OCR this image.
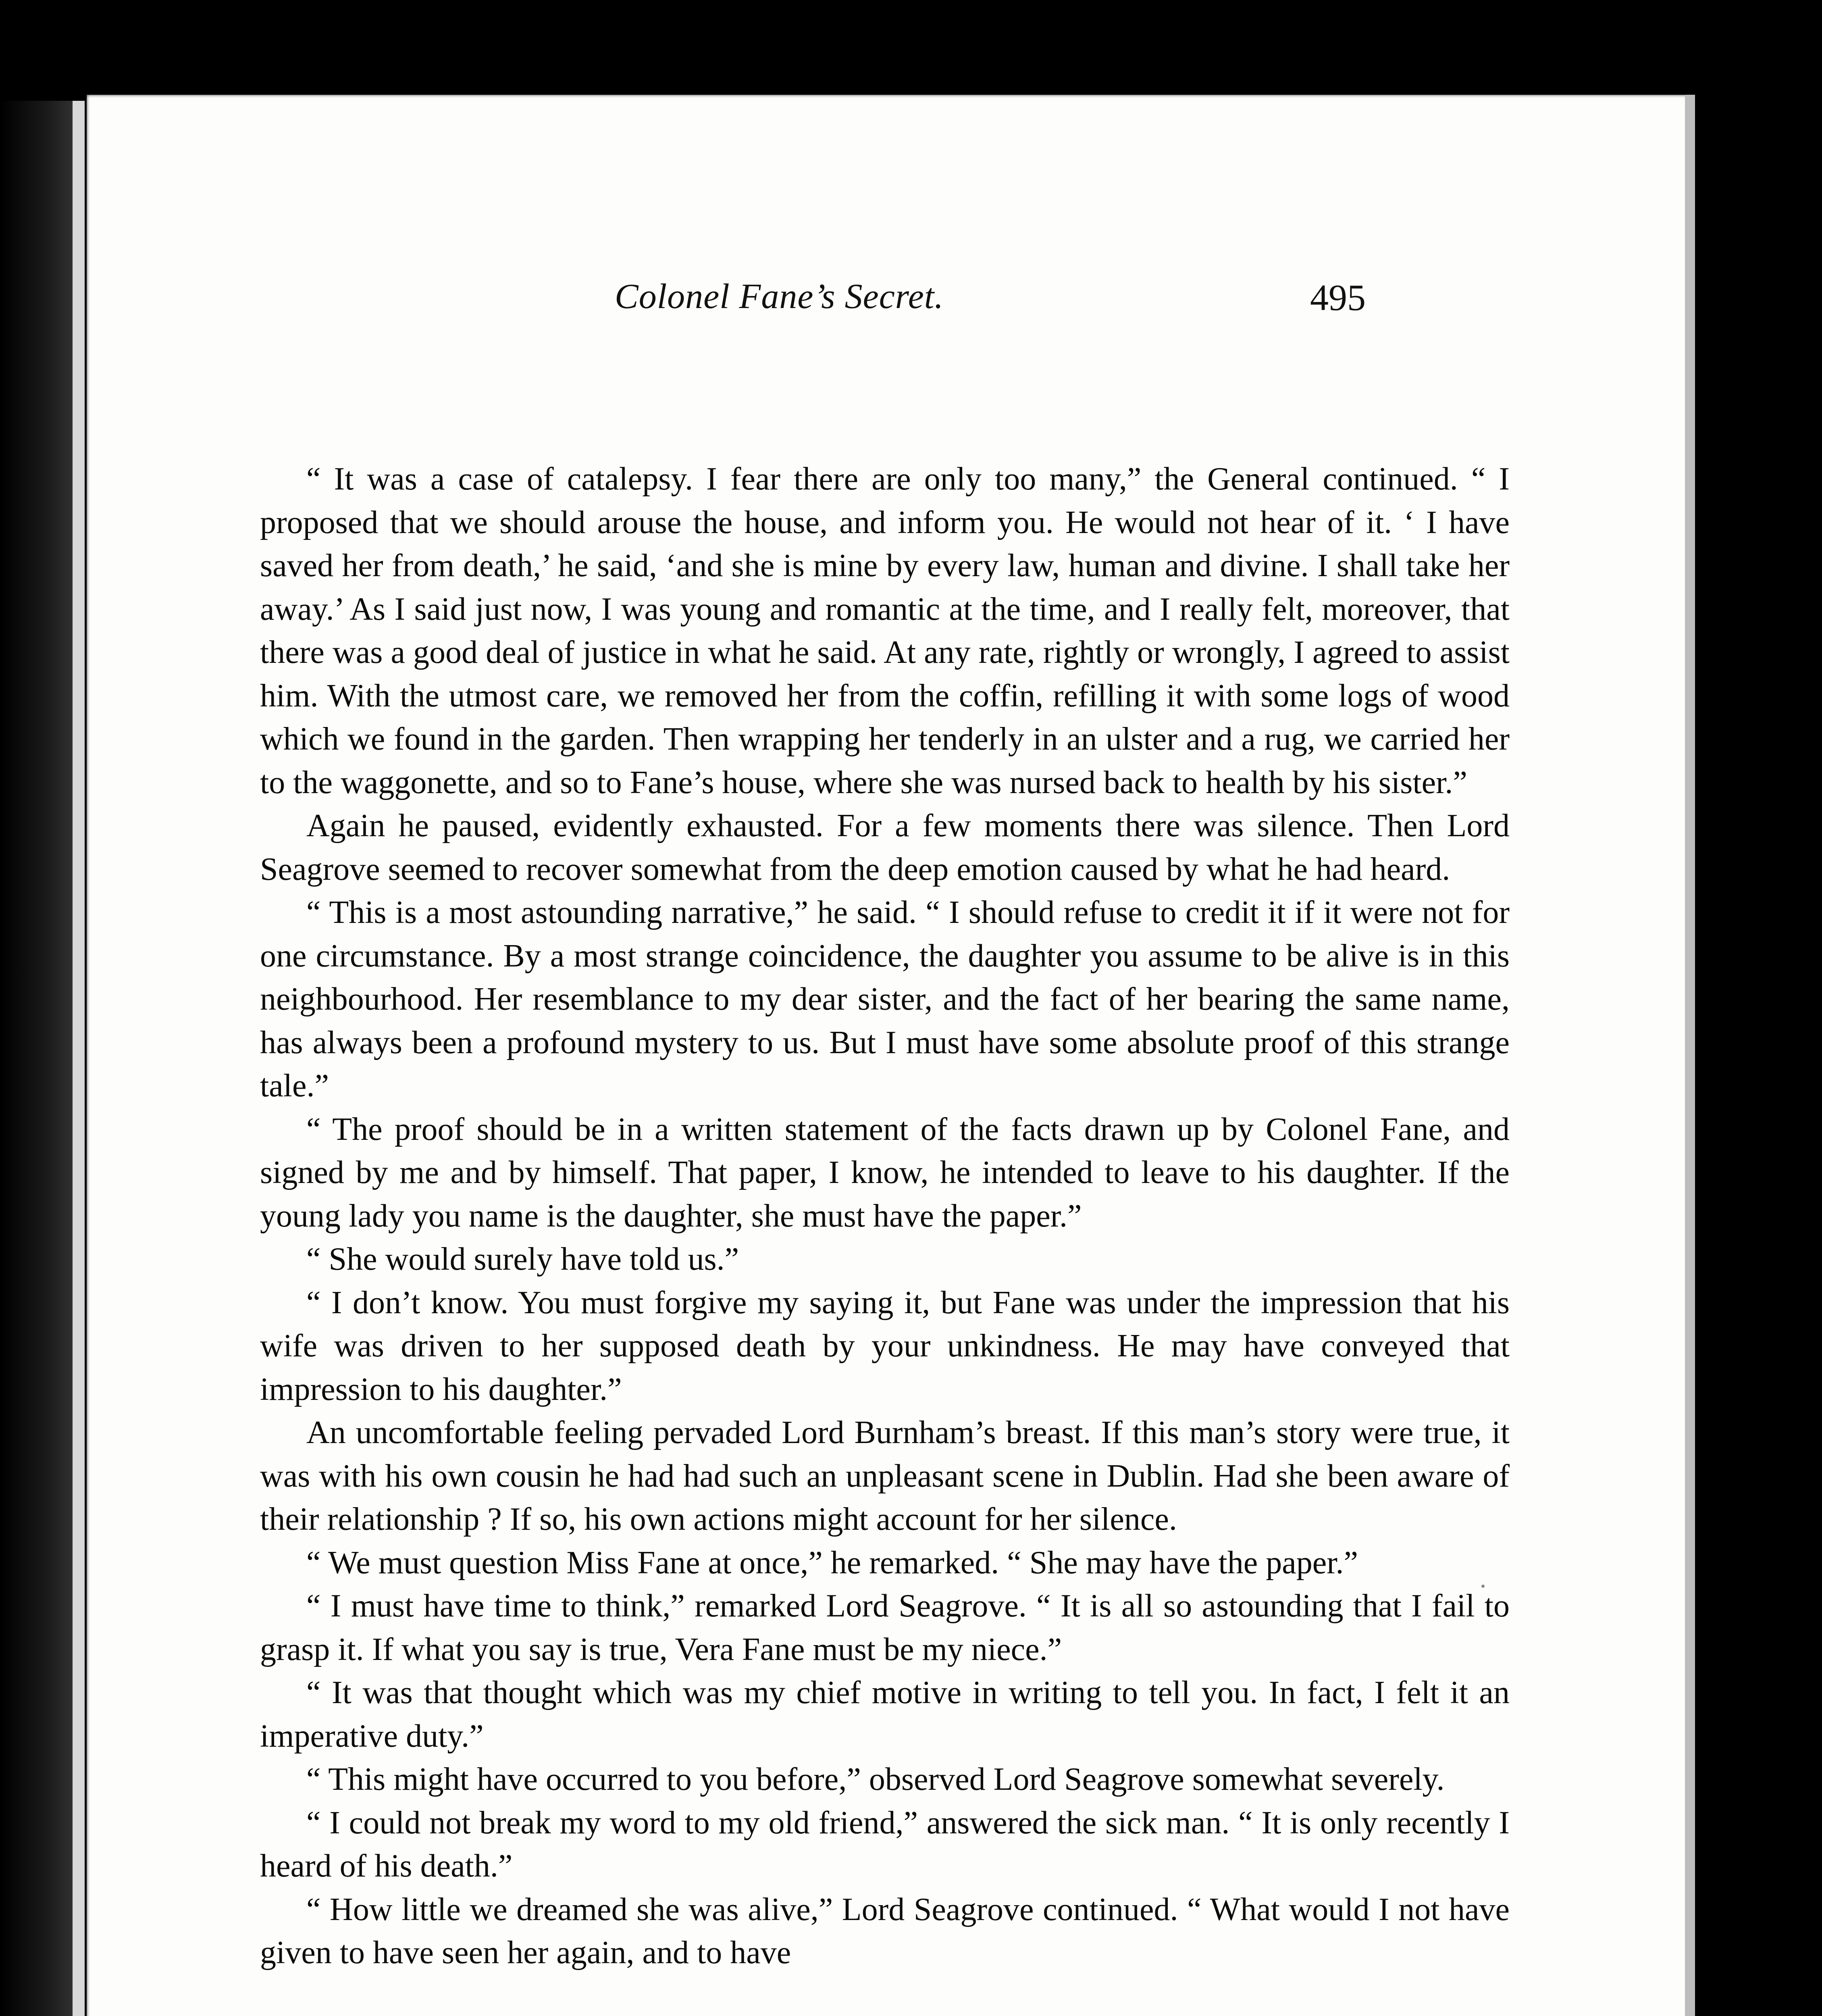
Colonel Fane’s Secret.	495

“ It was a case of catalepsy. I fear there are only too many,” the General continued. “ I proposed that we should arouse the house, and inform you. He would not hear of it. ‘ I have saved her from death,’ he said, ‘and she is mine by every law, human and divine. I shall take her away.’ As I said just now, I was young and romantic at the time, and I really felt, moreover, that there was a good deal of justice in what he said. At any rate, rightly or wrongly, I agreed to assist him. With the utmost care, we removed her from the coffin, refilling it with some logs of wood which we found in the garden. Then wrapping her tenderly in an ulster and a rug, we carried her to the waggonette, and so to Fane’s house, where she was nursed back to health by his sister.”

Again he paused, evidently exhausted. For a few moments there was silence. Then Lord Seagrove seemed to recover somewhat from the deep emotion caused by what he had heard.

“ This is a most astounding narrative,” he said. “ I should refuse to credit it if it were not for one circumstance. By a most strange coincidence, the daughter you assume to be alive is in this neighbourhood. Her resemblance to my dear sister, and the fact of her bearing the same name, has always been a profound mystery to us. But I must have some absolute proof of this strange tale.”

“ The proof should be in a written statement of the facts drawn up by Colonel Fane, and signed by me and by himself. That paper, I know, he intended to leave to his daughter. If the young lady you name is the daughter, she must have the paper.”

“ She would surely have told us.”

“ I don’t know. You must forgive my saying it, but Fane was under the impression that his wife was driven to her supposed death by your unkindness. He may have conveyed that impression to his daughter.”

An uncomfortable feeling pervaded Lord Burnham’s breast. If this man’s story were true, it was with his own cousin he had had such an unpleasant scene in Dublin. Had she been aware of their relationship ? If so, his own actions might account for her silence.

“ We must question Miss Fane at once,” he remarked. “ She may have the paper.”

“ I must have time to think,” remarked Lord Seagrove. “ It is all so astounding that I fail to grasp it. If what you say is true, Vera Fane must be my niece.”

“ It was that thought which was my chief motive in writing to tell you. In fact, I felt it an imperative duty.”

“ This might have occurred to you before,” observed Lord Seagrove somewhat severely.

“ I could not break my word to my old friend,” answered the sick man. “ It is only recently I heard of his death.”

“ How little we dreamed she was alive,” Lord Seagrove continued. “ What would I not have given to have seen her again, and to have
